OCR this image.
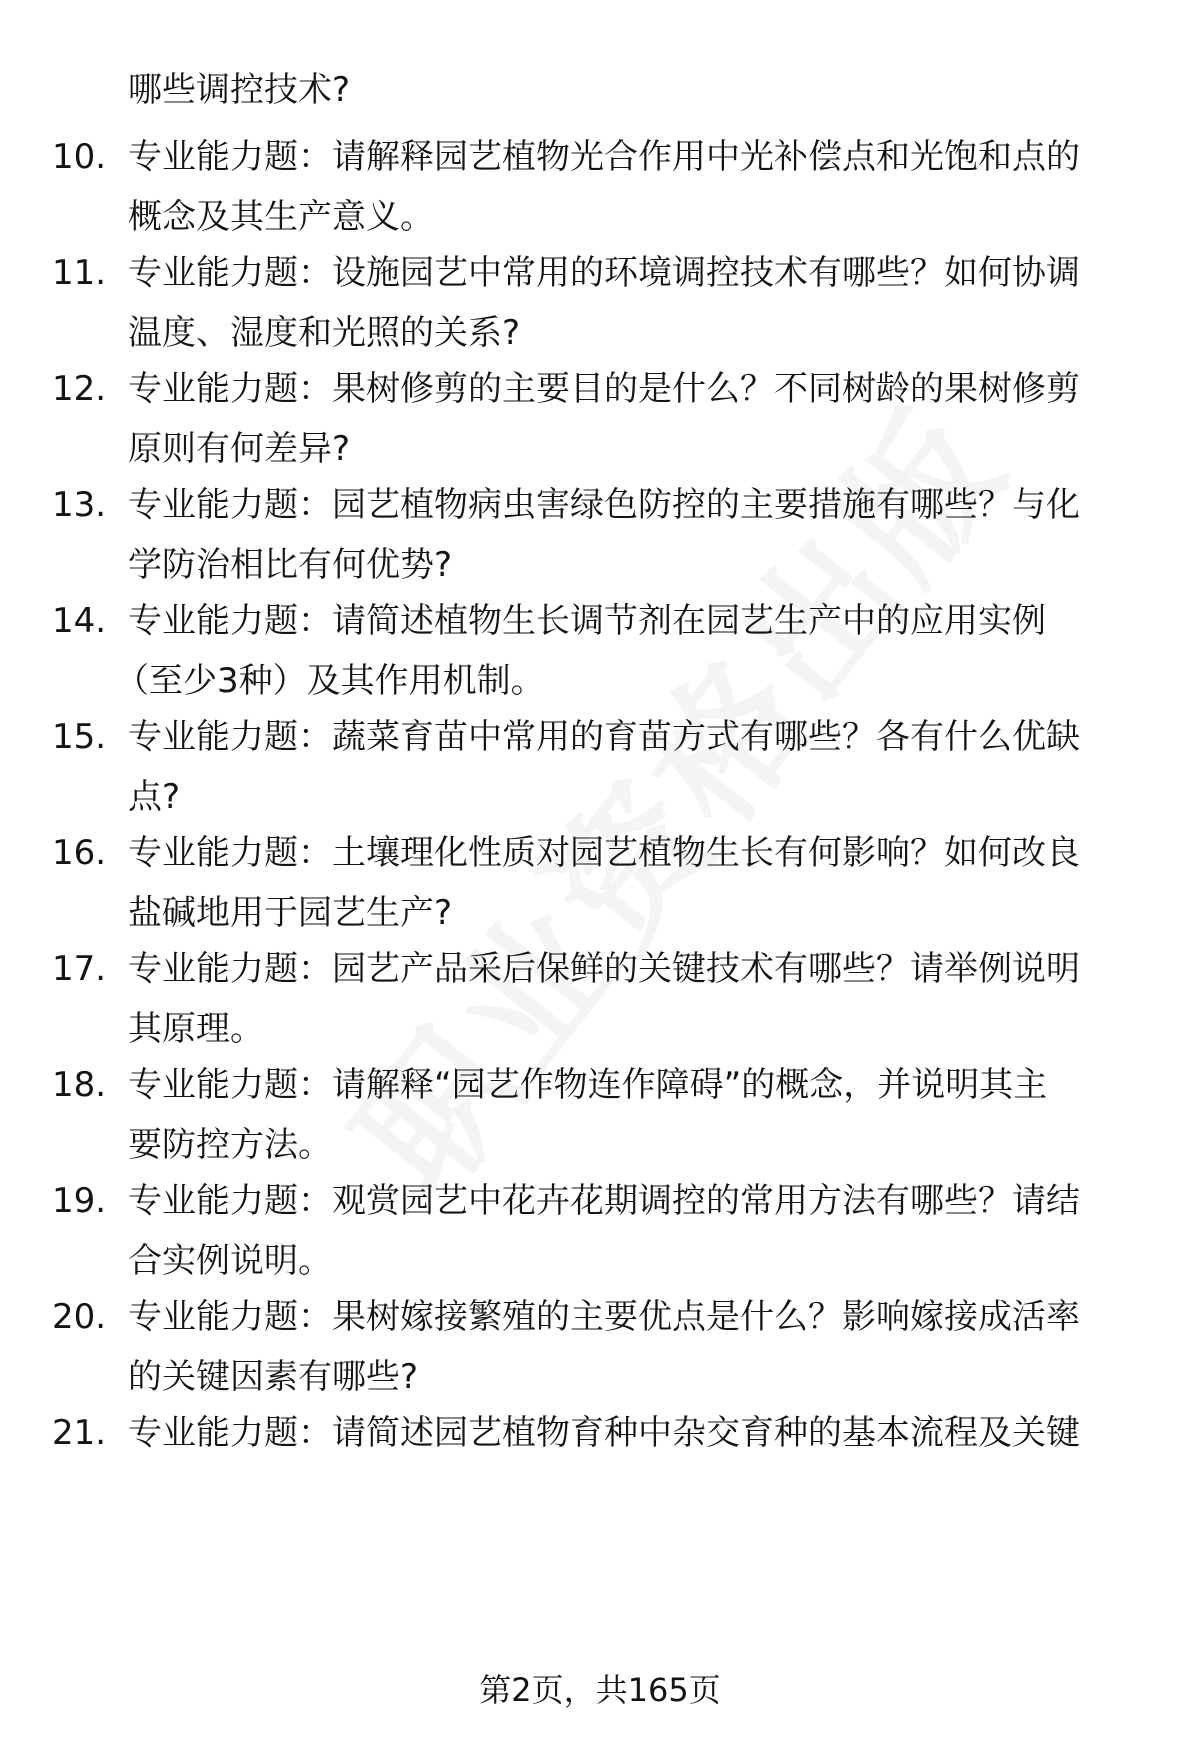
哪些调控技术?
10. 专业能力题：请解释园艺植物光合作用中光补偿点和光饱和点的
概念及其生产意义。
11. 专业能力题：设施园艺中常用的环境调控技术有哪些？如何协调
温度、湿度和光照的关系?
12. 专业能力题：果树修剪的主要目的是什么？不同树龄的果树修剪
原则有何差异?
13. 专业能力题：园艺植物病虫害绿色防控的主要措施有哪些？与化
学防治相比有何优势?
14. 专业能力题：请简述植物生长调节剂在园艺生产中的应用实例
（至少3种）及其作用机制。
15. 专业能力题：蔬菜育苗中常用的育苗方式有哪些？各有什么优缺
点?
16. 专业能力题：土壤理化性质对园艺植物生长有何影响？如何改良
盐碱地用于园艺生产?
17. 专业能力题：园艺产品采后保鲜的关键技术有哪些？请举例说明
其原理。
18. 专业能力题：请解释“园艺作物连作障碍”的概念，并说明其主
要防控方法。
19. 专业能力题：观赏园艺中花卉花期调控的常用方法有哪些？请结
合实例说明。
20. 专业能力题：果树嫁接繁殖的主要优点是什么？影响嫁接成活率
的关键因素有哪些?
21. 专业能力题：请简述园艺植物育种中杂交育种的基本流程及关键
第2页，共165页
